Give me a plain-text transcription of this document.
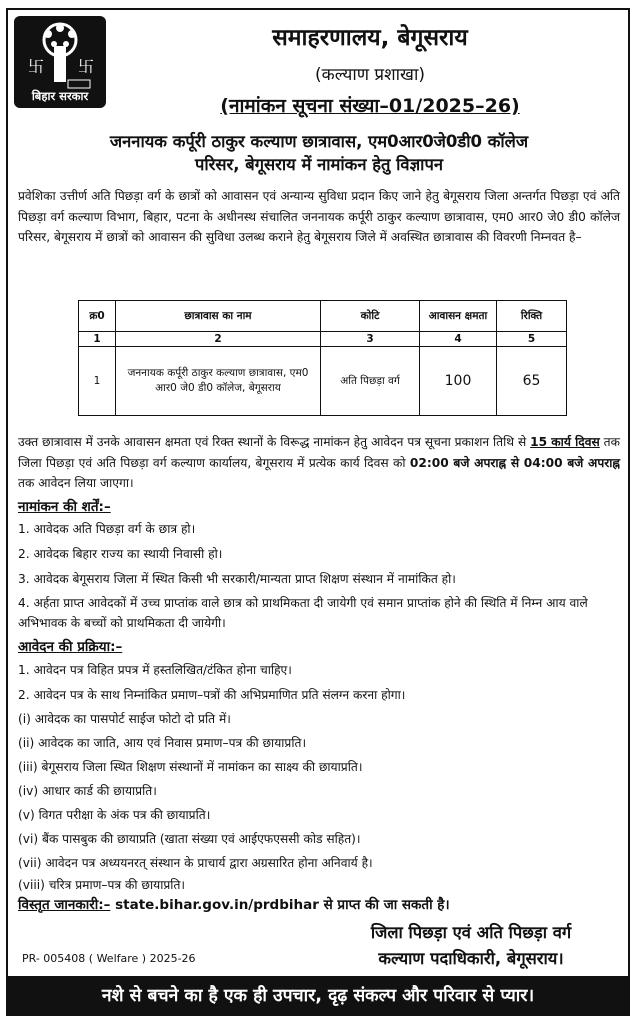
卐 卐
बिहार सरकार
समाहरणालय, बेगूसराय
(कल्याण प्रशाखा)
(नामांकन सूचना संख्या–01/2025–26)
जननायक कर्पूरी ठाकुर कल्याण छात्रावास, एम0आर0जे0डी0 कॉलेज
परिसर, बेगूसराय में नामांकन हेतु विज्ञापन
प्रवेशिका उत्तीर्ण अति पिछड़ा वर्ग के छात्रों को आवासन एवं अन्यान्य सुविधा प्रदान किए जाने हेतु बेगूसराय जिला अन्तर्गत पिछड़ा एवं अति पिछड़ा वर्ग कल्याण विभाग, बिहार, पटना के अधीनस्थ संचालित जननायक कर्पूरी ठाकुर कल्याण छात्रावास, एम0 आर0 जे0 डी0 कॉलेज परिसर, बेगूसराय में छात्रों को आवासन की सुविधा उलब्ध कराने हेतु बेगूसराय जिले में अवस्थित छात्रावास की विवरणी निम्नवत है–
क्र0	छात्रावास का नाम	कोटि	आवासन क्षमता	रिक्ति
1	2	3	4	5
1	जननायक कर्पूरी ठाकुर कल्याण छात्रावास, एम0 आर0 जे0 डी0 कॉलेज, बेगूसराय	अति पिछड़ा वर्ग	100	65
उक्त छात्रावास में उनके आवासन क्षमता एवं रिक्त स्थानों के विरूद्ध नामांकन हेतु आवेदन पत्र सूचना प्रकाशन तिथि से 15 कार्य दिवस तक जिला पिछड़ा एवं अति पिछड़ा वर्ग कल्याण कार्यालय, बेगूसराय में प्रत्येक कार्य दिवस को 02:00 बजे अपराह्न से 04:00 बजे अपराह्न तक आवेदन लिया जाएगा।
नामांकन की शर्तें:–
1. आवेदक अति पिछड़ा वर्ग के छात्र हो।
2. आवेदक बिहार राज्य का स्थायी निवासी हो।
3. आवेदक बेगूसराय जिला में स्थित किसी भी सरकारी/मान्यता प्राप्त शिक्षण संस्थान में नामांकित हो।
4. अर्हता प्राप्त आवेदकों में उच्च प्राप्तांक वाले छात्र को प्राथमिकता दी जायेगी एवं समान प्राप्तांक होने की स्थिति में निम्न आय वाले अभिभावक के बच्चों को प्राथमिकता दी जायेगी।
आवेदन की प्रक्रिया:–
1. आवेदन पत्र विहित प्रपत्र में हस्तलिखित/टंकित होना चाहिए।
2. आवेदन पत्र के साथ निम्नांकित प्रमाण–पत्रों की अभिप्रमाणित प्रति संलग्न करना होगा।
(i) आवेदक का पासपोर्ट साईज फोटो दो प्रति में।
(ii) आवेदक का जाति, आय एवं निवास प्रमाण–पत्र की छायाप्रति।
(iii) बेगूसराय जिला स्थित शिक्षण संस्थानों में नामांकन का साक्ष्य की छायाप्रति।
(iv) आधार कार्ड की छायाप्रति।
(v) विगत परीक्षा के अंक पत्र की छायाप्रति।
(vi) बैंक पासबुक की छायाप्रति (खाता संख्या एवं आईएफएससी कोड सहित)।
(vii) आवेदन पत्र अध्ययनरत् संस्थान के प्राचार्य द्वारा अग्रसारित होना अनिवार्य है।
(viii) चरित्र प्रमाण–पत्र की छायाप्रति।
विस्तृत जानकारी:– state.bihar.gov.in/prdbihar से प्राप्त की जा सकती है।
जिला पिछड़ा एवं अति पिछड़ा वर्ग
कल्याण पदाधिकारी, बेगूसराय।
PR- 005408 ( Welfare ) 2025-26
नशे से बचने का है एक ही उपचार, दृढ़ संकल्प और परिवार से प्यार।
